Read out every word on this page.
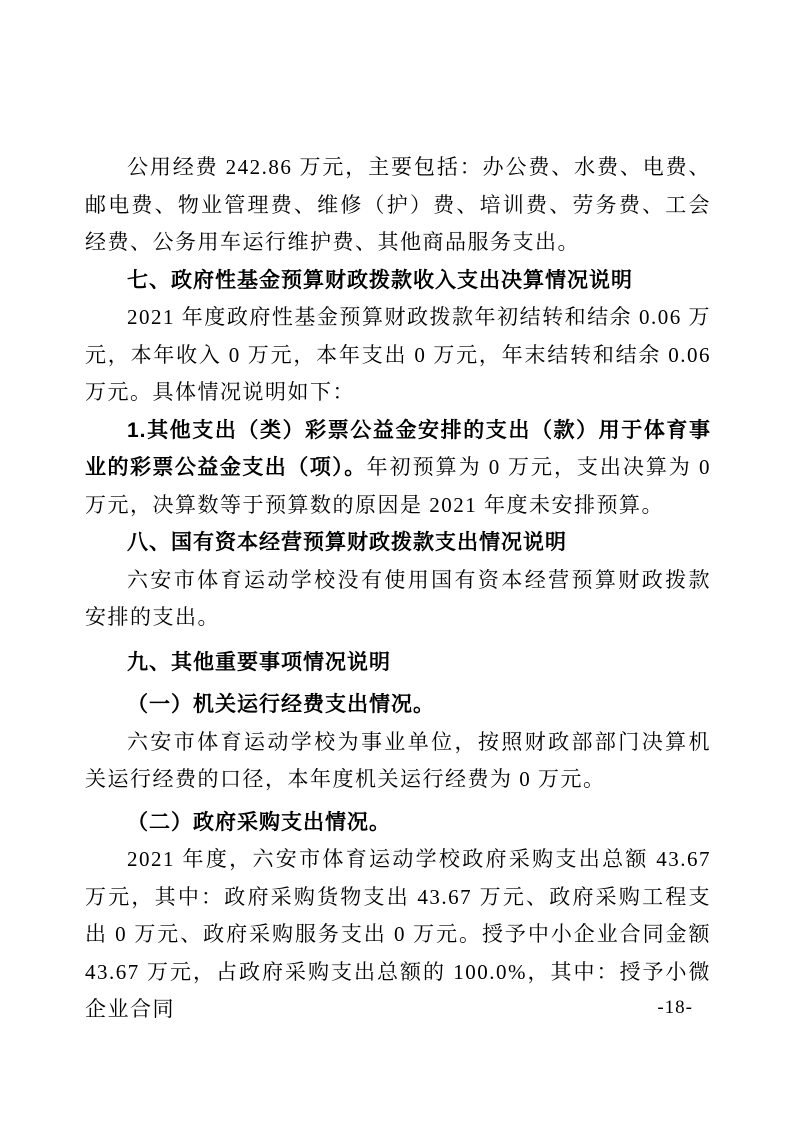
公用经费 242.86 万元，主要包括：办公费、水费、电费、邮电费、物业管理费、维修（护）费、培训费、劳务费、工会经费、公务用车运行维护费、其他商品服务支出。

七、政府性基金预算财政拨款收入支出决算情况说明

2021 年度政府性基金预算财政拨款年初结转和结余 0.06 万元，本年收入 0 万元，本年支出 0 万元，年末结转和结余 0.06 万元。具体情况说明如下：

1.其他支出（类）彩票公益金安排的支出（款）用于体育事业的彩票公益金支出（项）。年初预算为 0 万元，支出决算为 0 万元，决算数等于预算数的原因是 2021 年度未安排预算。

八、国有资本经营预算财政拨款支出情况说明

六安市体育运动学校没有使用国有资本经营预算财政拨款安排的支出。

九、其他重要事项情况说明

（一）机关运行经费支出情况。

六安市体育运动学校为事业单位，按照财政部部门决算机关运行经费的口径，本年度机关运行经费为 0 万元。

（二）政府采购支出情况。

2021 年度，六安市体育运动学校政府采购支出总额 43.67 万元，其中：政府采购货物支出 43.67 万元、政府采购工程支出 0 万元、政府采购服务支出 0 万元。授予中小企业合同金额 43.67 万元，占政府采购支出总额的 100.0%，其中：授予小微企业合同	-18-
